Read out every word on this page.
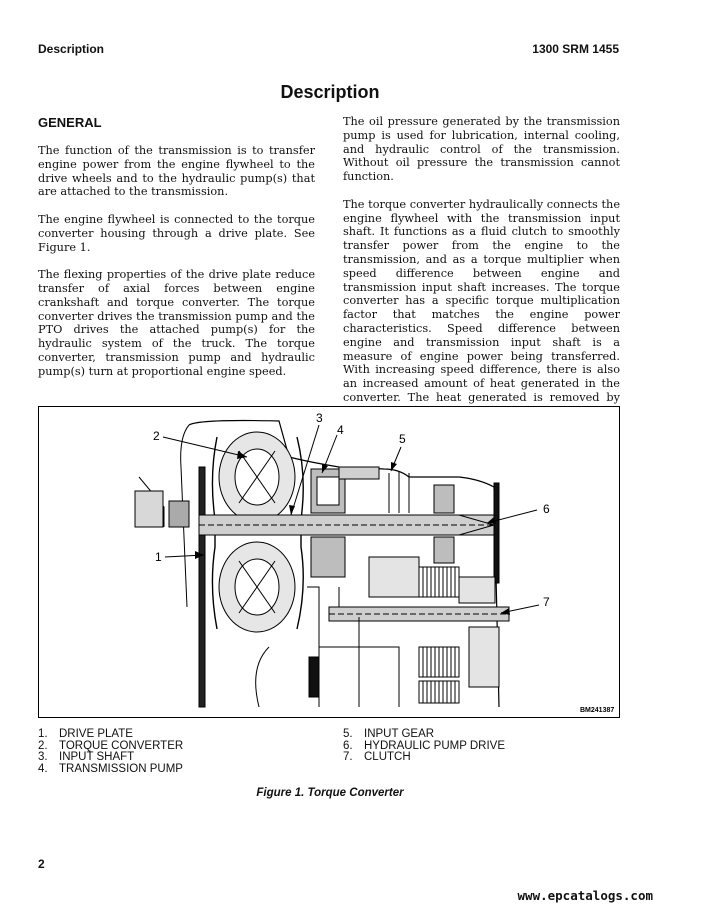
Description	1300 SRM 1455
Description
GENERAL

The function of the transmission is to transfer engine power from the engine flywheel to the drive wheels and to the hydraulic pump(s) that are attached to the transmission.

The engine flywheel is connected to the torque converter housing through a drive plate. See Figure 1.

The flexing properties of the drive plate reduce transfer of axial forces between engine crankshaft and torque converter. The torque converter drives the transmission pump and the PTO drives the attached pump(s) for the hydraulic system of the truck. The torque converter, transmission pump and hydraulic pump(s) turn at proportional engine speed.

The oil pressure generated by the transmission pump is used for lubrication, internal cooling, and hydraulic control of the transmission. Without oil pressure the transmission cannot function.

The torque converter hydraulically connects the engine flywheel with the transmission input shaft. It functions as a fluid clutch to smoothly transfer power from the engine to the transmission, and as a torque multiplier when speed difference between engine and transmission input shaft increases. The torque converter has a specific torque multiplication factor that matches the engine power characteristics. Speed difference between engine and transmission input shaft is a measure of engine power being transferred. With increasing speed difference, there is also an increased amount of heat generated in the converter. The heat generated is removed by

1
2
3
4
5
6
7
BM241387
1. DRIVE PLATE
2. TORQUE CONVERTER
3. INPUT SHAFT
4. TRANSMISSION PUMP
5. INPUT GEAR
6. HYDRAULIC PUMP DRIVE
7. CLUTCH
Figure 1. Torque Converter
2
www.epcatalogs.com
